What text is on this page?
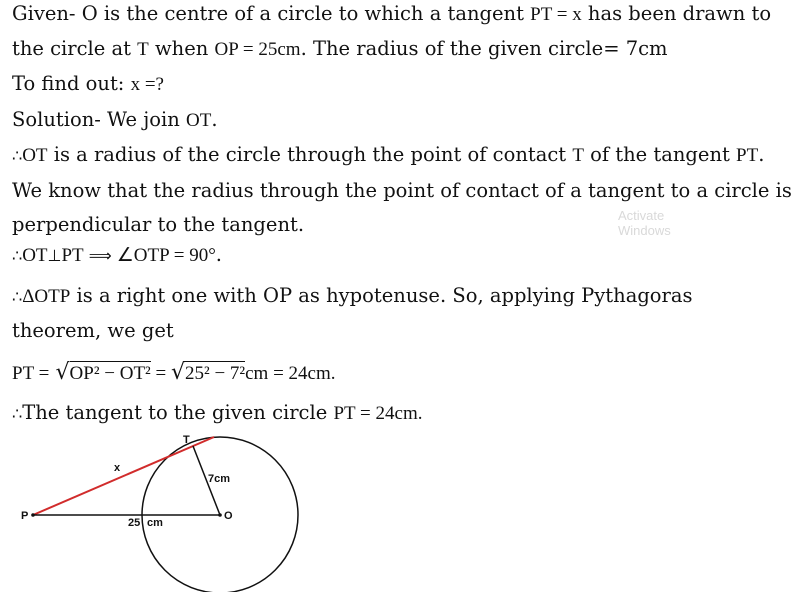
Given- O is the centre of a circle to which a tangent PT = x has been drawn to
the circle at T when OP = 25cm. The radius of the given circle= 7cm
To find out: x =?
Solution- We join OT.
∴OT is a radius of the circle through the point of contact T of the tangent PT.
We know that the radius through the point of contact of a tangent to a circle is
perpendicular to the tangent.
∴OT⊥PT ⟹ ∠OTP = 90°.
∴ΔOTP is a right one with OP as hypotenuse. So, applying Pythagoras
theorem, we get
PT = √OP² − OT² = √25² − 7²cm = 24cm.
∴The tangent to the given circle PT = 24cm.
Activate Windows
T
x
7cm
P	O
25 cm
